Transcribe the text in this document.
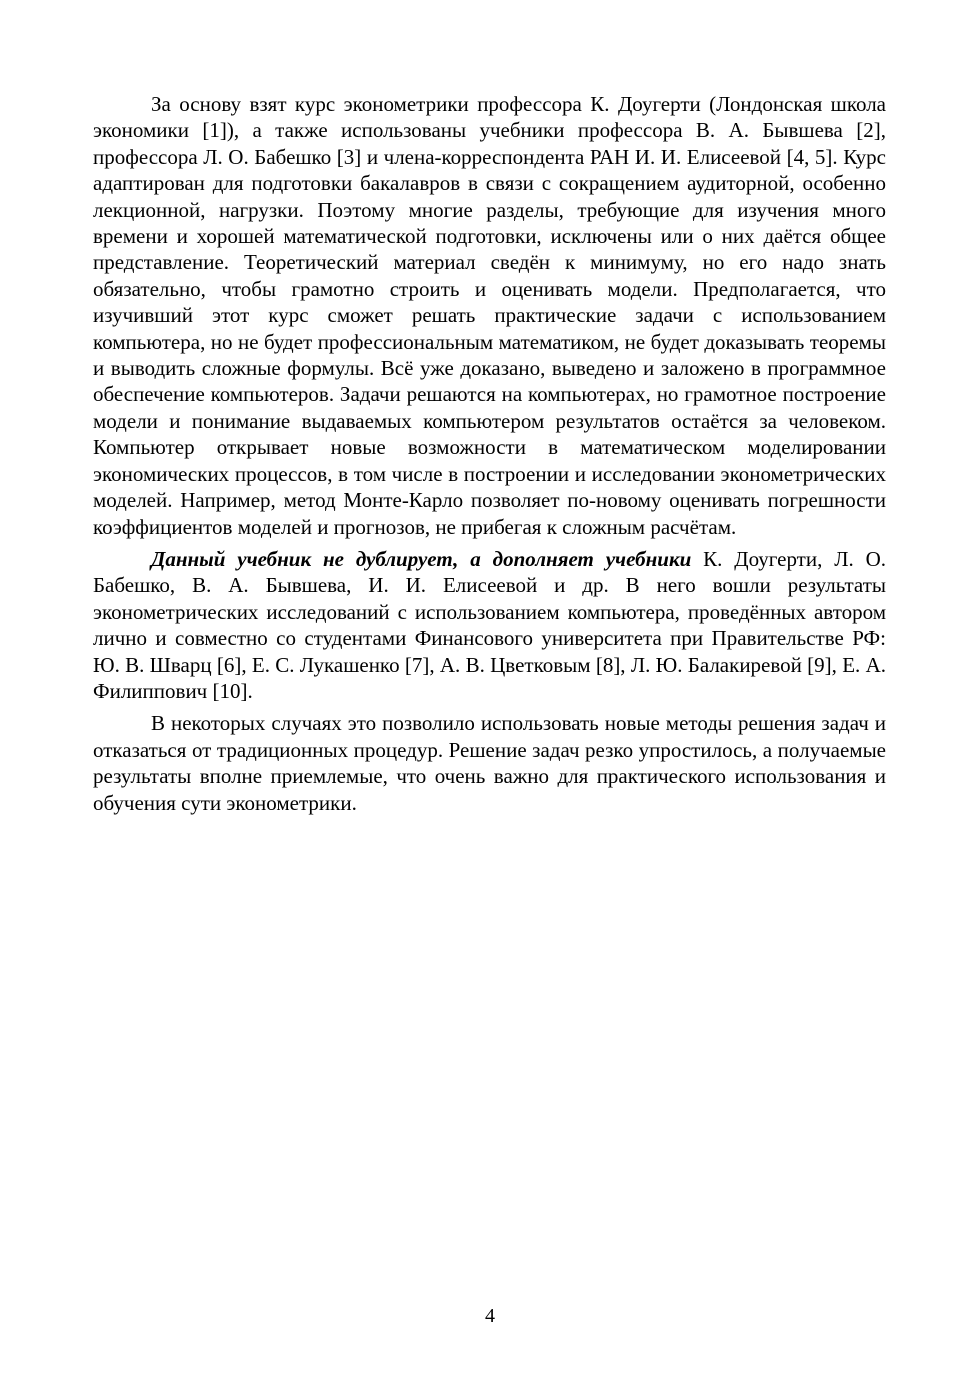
За основу взят курс эконометрики профессора К. Доугерти (Лондонская школа экономики [1]), а также использованы учебники профессора В. А. Бывшева [2], профессора Л. О. Бабешко [3] и члена-корреспондента РАН И. И. Елисеевой [4, 5]. Курс адаптирован для подготовки бакалавров в связи с сокращением аудиторной, особенно лекционной, нагрузки. Поэтому многие разделы, требующие для изучения много времени и хорошей математической подготовки, исключены или о них даётся общее представление. Теоретический материал сведён к минимуму, но его надо знать обязательно, чтобы грамотно строить и оценивать модели. Предполагается, что изучивший этот курс сможет решать практические задачи с использованием компьютера, но не будет профессиональным математиком, не будет доказывать теоремы и выводить сложные формулы. Всё уже доказано, выведено и заложено в программное обеспечение компьютеров. Задачи решаются на компьютерах, но грамотное построение модели и понимание выдаваемых компьютером результатов остаётся за человеком. Компьютер открывает новые возможности в математическом моделировании экономических процессов, в том числе в построении и исследовании эконометрических моделей. Например, метод Монте-Карло позволяет по-новому оценивать погрешности коэффициентов моделей и прогнозов, не прибегая к сложным расчётам.

Данный учебник не дублирует, а дополняет учебники К. Доугерти, Л. О. Бабешко, В. А. Бывшева, И. И. Елисеевой и др. В него вошли результаты эконометрических исследований с использованием компьютера, проведённых автором лично и совместно со студентами Финансового университета при Правительстве РФ: Ю. В. Шварц [6], Е. С. Лукашенко [7], А. В. Цветковым [8], Л. Ю. Балакиревой [9], Е. А. Филиппович [10].

В некоторых случаях это позволило использовать новые методы решения задач и отказаться от традиционных процедур. Решение задач резко упростилось, а получаемые результаты вполне приемлемые, что очень важно для практического использования и обучения сути эконометрики.

4
